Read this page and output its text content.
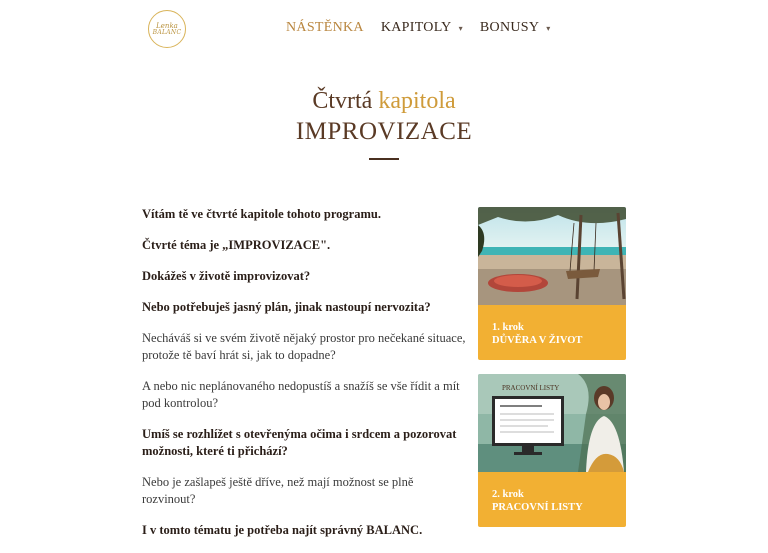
Lenka
BALANC	NÁSTĚNKA KAPITOLY ▾ BONUSY ▾
Čtvrtá kapitola
IMPROVIZACE

Vítám tě ve čtvrté kapitole tohoto programu.

Čtvrté téma je „IMPROVIZACE".

Dokážeš v životě improvizovat?

Nebo potřebuješ jasný plán, jinak nastoupí nervozita?

Necháváš si ve svém životě nějaký prostor pro nečekané situace, protože tě baví hrát si, jak to dopadne?

A nebo nic neplánovaného nedopustíš a snažíš se vše řídit a mít pod kontrolou?

Umíš se rozhlížet s otevřenýma očima i srdcem a pozorovat možnosti, které ti přichází?

Nebo je zašlapeš ještě dříve, než mají možnost se plně rozvinout?

I v tomto tématu je potřeba najít správný BALANC.

1. krok
DŮVĚRA V ŽIVOT
PRACOVNÍ LISTY
2. krok
PRACOVNÍ LISTY
